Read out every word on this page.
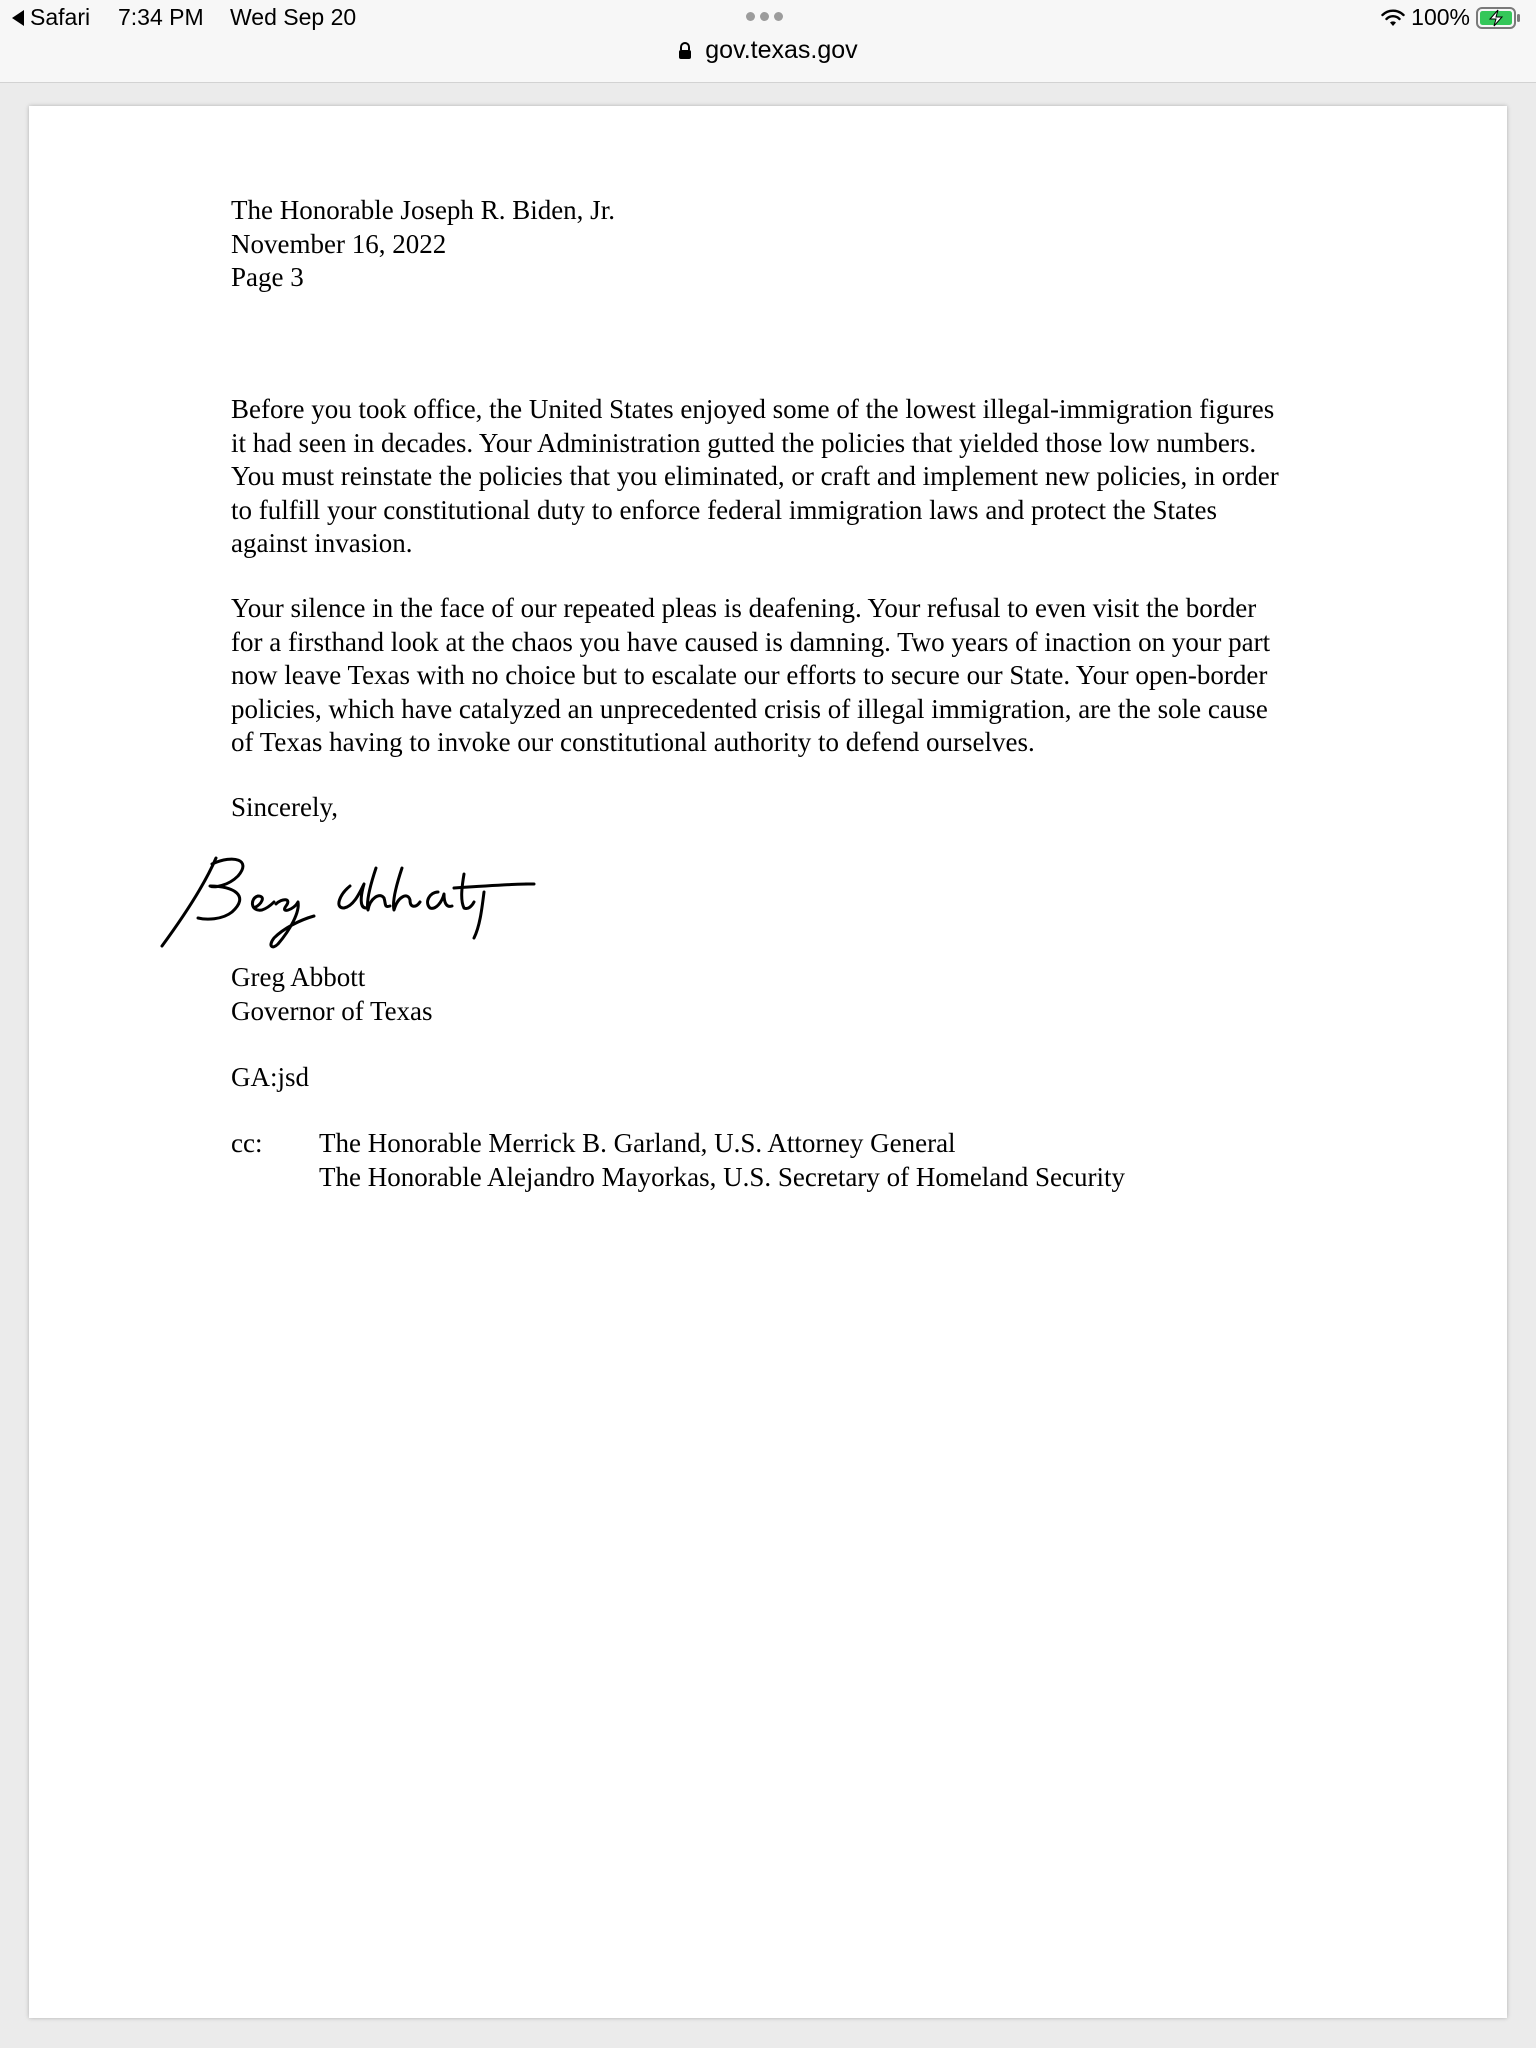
Safari 7:34 PM Wed Sep 20
gov.texas.gov
100%
The Honorable Joseph R. Biden, Jr.
November 16, 2022
Page 3
Before you took office, the United States enjoyed some of the lowest illegal-immigration figures
it had seen in decades. Your Administration gutted the policies that yielded those low numbers.
You must reinstate the policies that you eliminated, or craft and implement new policies, in order
to fulfill your constitutional duty to enforce federal immigration laws and protect the States
against invasion.
Your silence in the face of our repeated pleas is deafening. Your refusal to even visit the border
for a firsthand look at the chaos you have caused is damning. Two years of inaction on your part
now leave Texas with no choice but to escalate our efforts to secure our State. Your open-border
policies, which have catalyzed an unprecedented crisis of illegal immigration, are the sole cause
of Texas having to invoke our constitutional authority to defend ourselves.
Sincerely,
Greg Abbott
Governor of Texas
GA:jsd
cc: The Honorable Merrick B. Garland, U.S. Attorney General
The Honorable Alejandro Mayorkas, U.S. Secretary of Homeland Security
